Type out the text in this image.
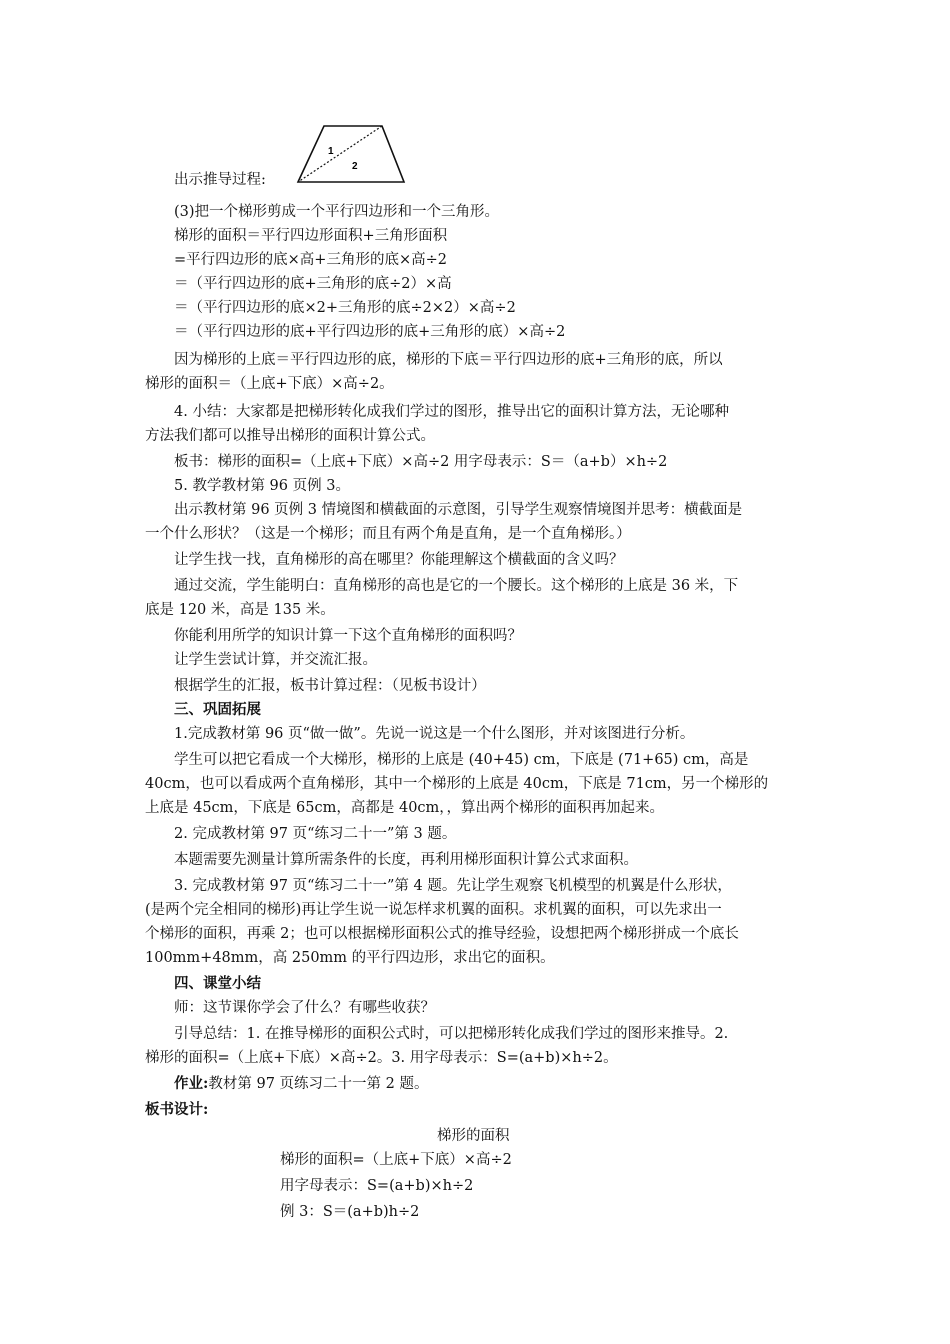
出示推导过程:
1
2
(3)把一个梯形剪成一个平行四边形和一个三角形。
梯形的面积＝平行四边形面积+三角形面积
=平行四边形的底×高+三角形的底×高÷2
＝（平行四边形的底+三角形的底÷2）×高
＝（平行四边形的底×2+三角形的底÷2×2）×高÷2
＝（平行四边形的底+平行四边形的底+三角形的底）×高÷2
因为梯形的上底＝平行四边形的底，梯形的下底＝平行四边形的底+三角形的底，所以
梯形的面积＝（上底+下底）×高÷2。
4. 小结：大家都是把梯形转化成我们学过的图形，推导出它的面积计算方法，无论哪种
方法我们都可以推导出梯形的面积计算公式。
板书：梯形的面积=（上底+下底）×高÷2 用字母表示：S＝（a+b）×h÷2
5. 教学教材第 96 页例 3。
出示教材第 96 页例 3 情境图和横截面的示意图，引导学生观察情境图并思考：横截面是
一个什么形状？（这是一个梯形；而且有两个角是直角，是一个直角梯形。）
让学生找一找，直角梯形的高在哪里？你能理解这个横截面的含义吗？
通过交流，学生能明白：直角梯形的高也是它的一个腰长。这个梯形的上底是 36 米，下
底是 120 米，高是 135 米。
你能利用所学的知识计算一下这个直角梯形的面积吗？
让学生尝试计算，并交流汇报。
根据学生的汇报，板书计算过程：（见板书设计）
三、巩固拓展
1.完成教材第 96 页“做一做”。先说一说这是一个什么图形，并对该图进行分析。
学生可以把它看成一个大梯形，梯形的上底是 (40+45) cm，下底是 (71+65) cm，高是
40cm，也可以看成两个直角梯形，其中一个梯形的上底是 40cm，下底是 71cm，另一个梯形的
上底是 45cm，下底是 65cm，高都是 40cm，，算出两个梯形的面积再加起来。
2. 完成教材第 97 页“练习二十一”第 3 题。
本题需要先测量计算所需条件的长度，再利用梯形面积计算公式求面积。
3. 完成教材第 97 页“练习二十一”第 4 题。先让学生观察飞机模型的机翼是什么形状，
(是两个完全相同的梯形)再让学生说一说怎样求机翼的面积。求机翼的面积，可以先求出一
个梯形的面积，再乘 2；也可以根据梯形面积公式的推导经验，设想把两个梯形拼成一个底长
100mm+48mm，高 250mm 的平行四边形，求出它的面积。
四、课堂小结
师：这节课你学会了什么？有哪些收获？
引导总结：1. 在推导梯形的面积公式时，可以把梯形转化成我们学过的图形来推导。2.
梯形的面积=（上底+下底）×高÷2。3. 用字母表示：S=(a+b)×h÷2。
作业:教材第 97 页练习二十一第 2 题。
板书设计:
梯形的面积
梯形的面积=（上底+下底）×高÷2
用字母表示：S=(a+b)×h÷2
例 3：S＝(a+b)h÷2
